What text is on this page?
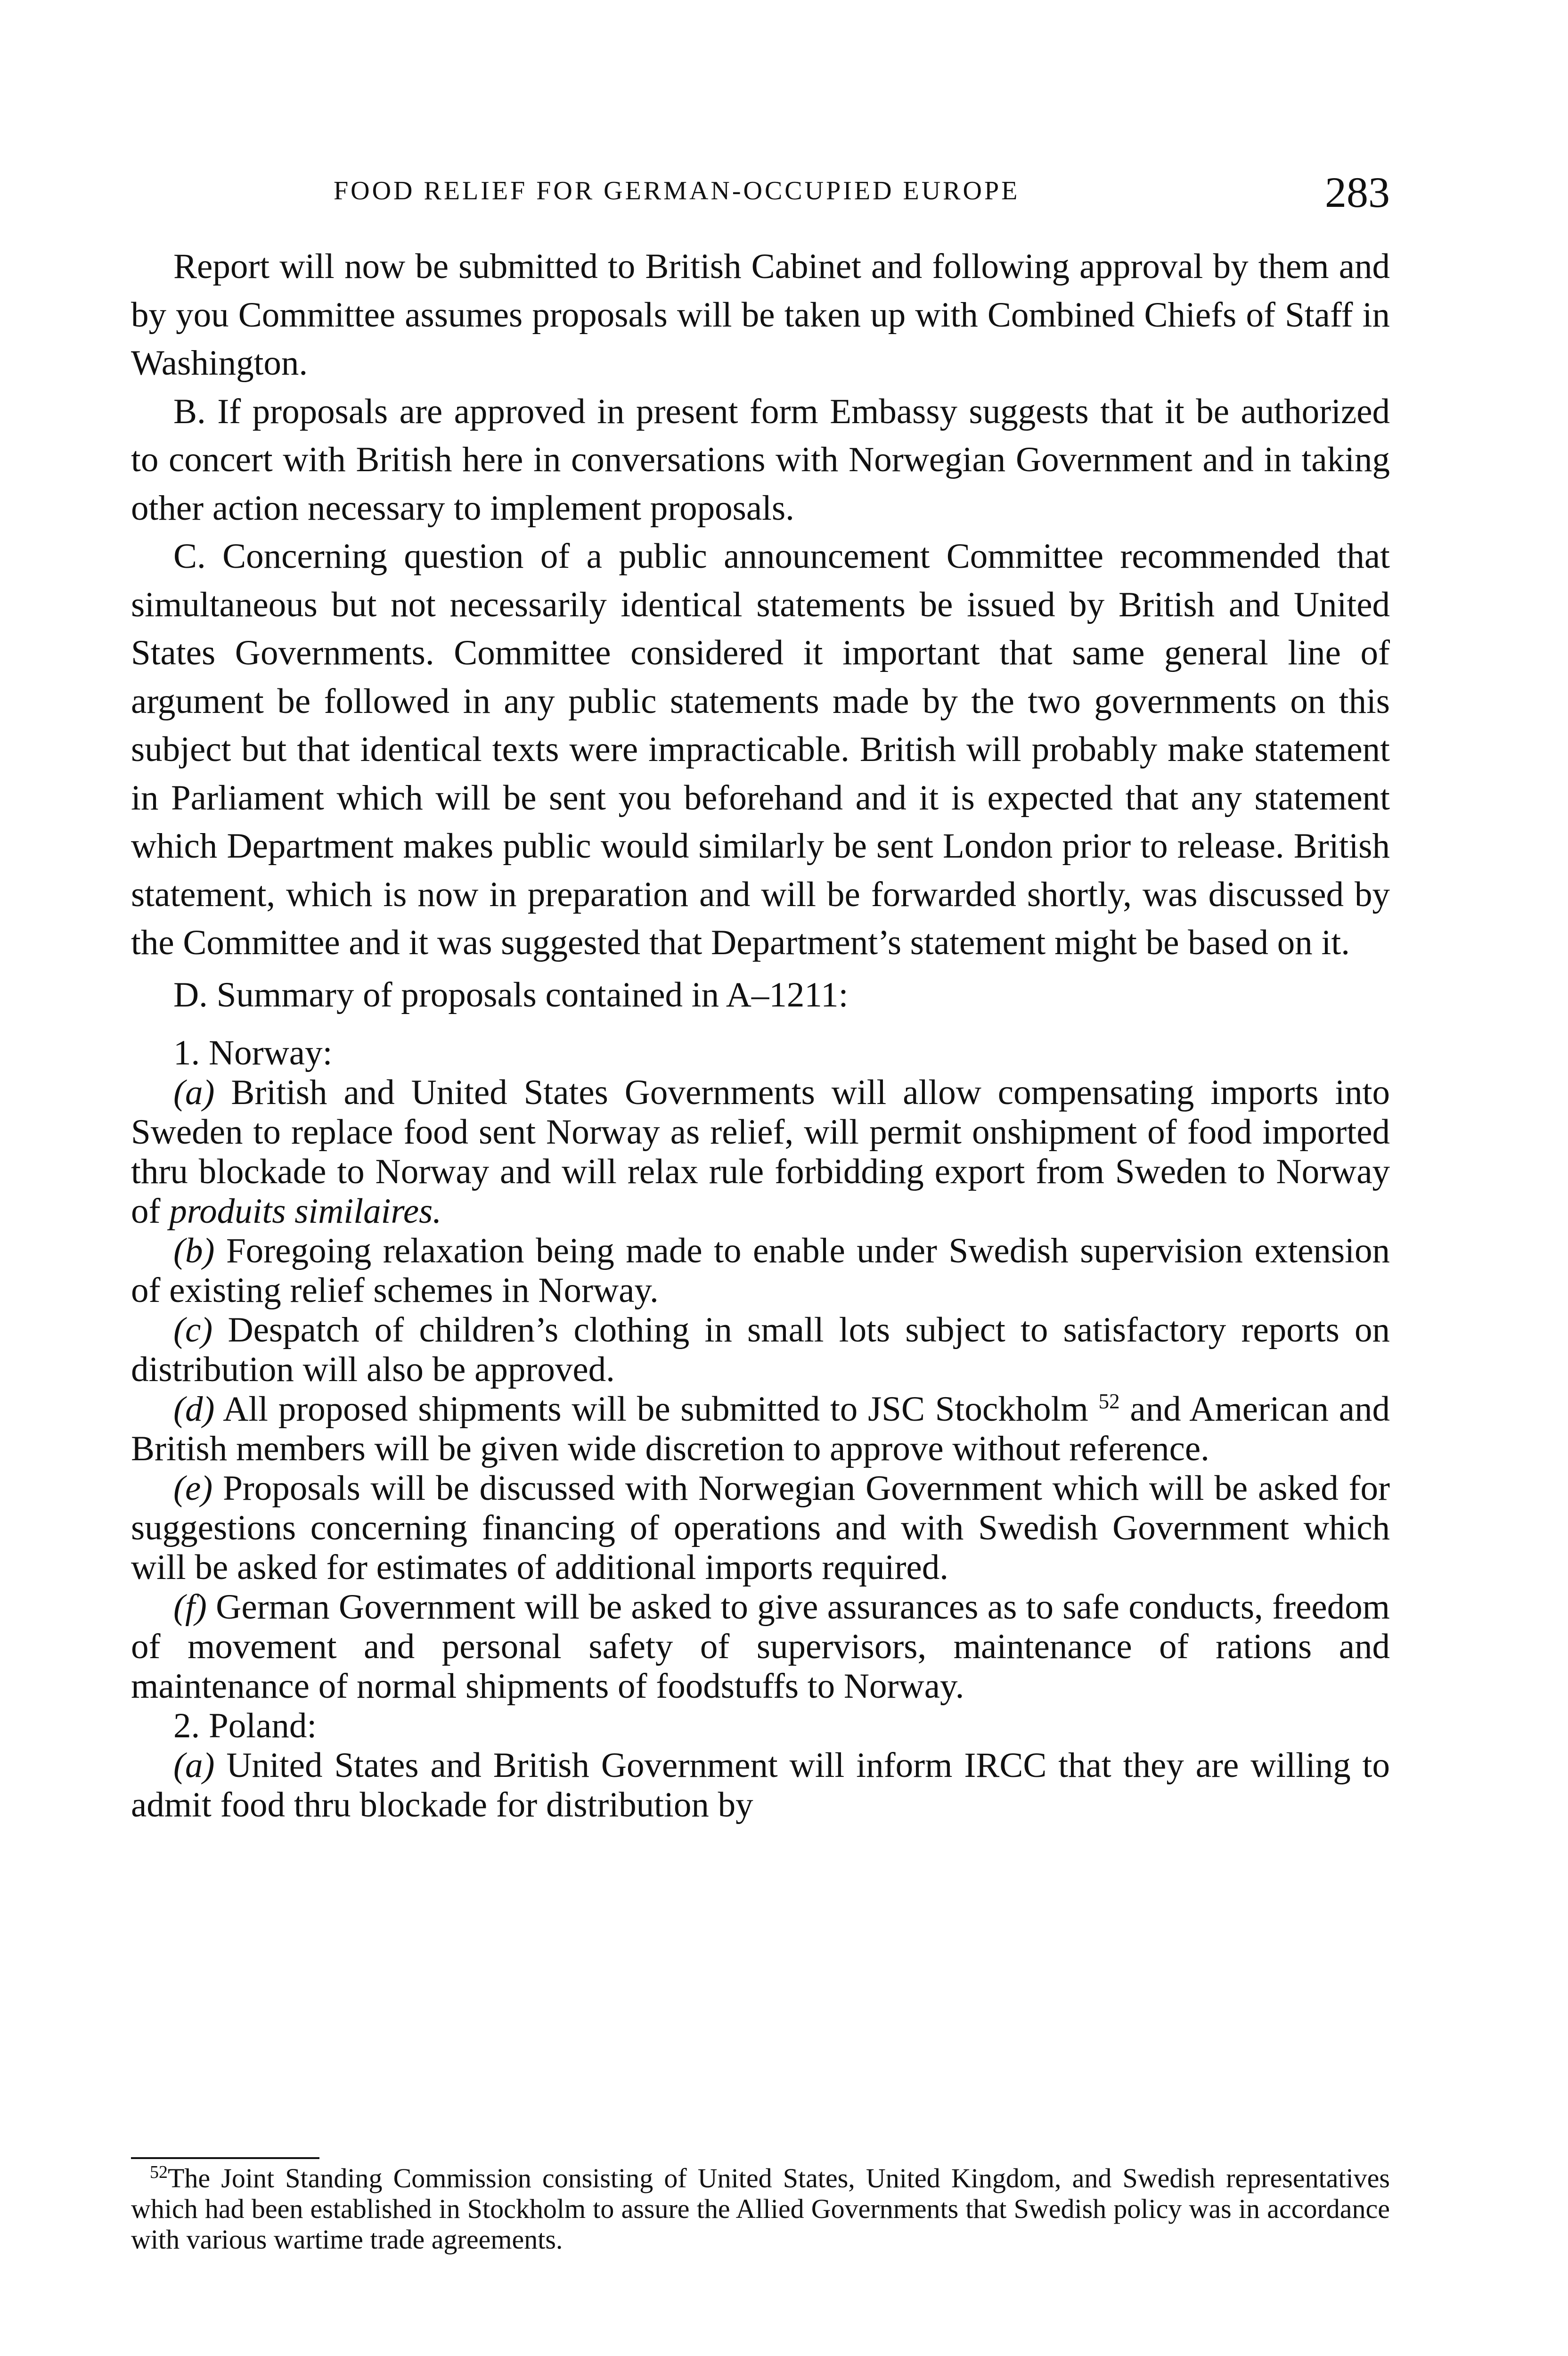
FOOD RELIEF FOR GERMAN-OCCUPIED EUROPE	283

Report will now be submitted to British Cabinet and following approval by them and by you Committee assumes proposals will be taken up with Combined Chiefs of Staff in Washington.

B. If proposals are approved in present form Embassy suggests that it be authorized to concert with British here in conversations with Norwegian Government and in taking other action necessary to implement proposals.

C. Concerning question of a public announcement Committee recommended that simultaneous but not necessarily identical statements be issued by British and United States Governments. Committee considered it important that same general line of argument be followed in any public statements made by the two governments on this subject but that identical texts were impracticable. British will probably make statement in Parliament which will be sent you beforehand and it is expected that any statement which Department makes public would similarly be sent London prior to release. British statement, which is now in preparation and will be forwarded shortly, was discussed by the Committee and it was suggested that Department’s statement might be based on it.

D. Summary of proposals contained in A–1211:

1. Norway:

(a) British and United States Governments will allow compensating imports into Sweden to replace food sent Norway as relief, will permit onshipment of food imported thru blockade to Norway and will relax rule forbidding export from Sweden to Norway of produits similaires.

(b) Foregoing relaxation being made to enable under Swedish supervision extension of existing relief schemes in Norway.

(c) Despatch of children’s clothing in small lots subject to satisfactory reports on distribution will also be approved.

(d) All proposed shipments will be submitted to JSC Stockholm $^{52}$ and American and British members will be given wide discretion to approve without reference.

(e) Proposals will be discussed with Norwegian Government which will be asked for suggestions concerning financing of operations and with Swedish Government which will be asked for estimates of additional imports required.

(f) German Government will be asked to give assurances as to safe conducts, freedom of movement and personal safety of supervisors, maintenance of rations and maintenance of normal shipments of foodstuffs to Norway.

2. Poland:

(a) United States and British Government will inform IRCC that they are willing to admit food thru blockade for distribution by

$^{52}$The Joint Standing Commission consisting of United States, United Kingdom, and Swedish representatives which had been established in Stockholm to assure the Allied Governments that Swedish policy was in accordance with various wartime trade agreements.
